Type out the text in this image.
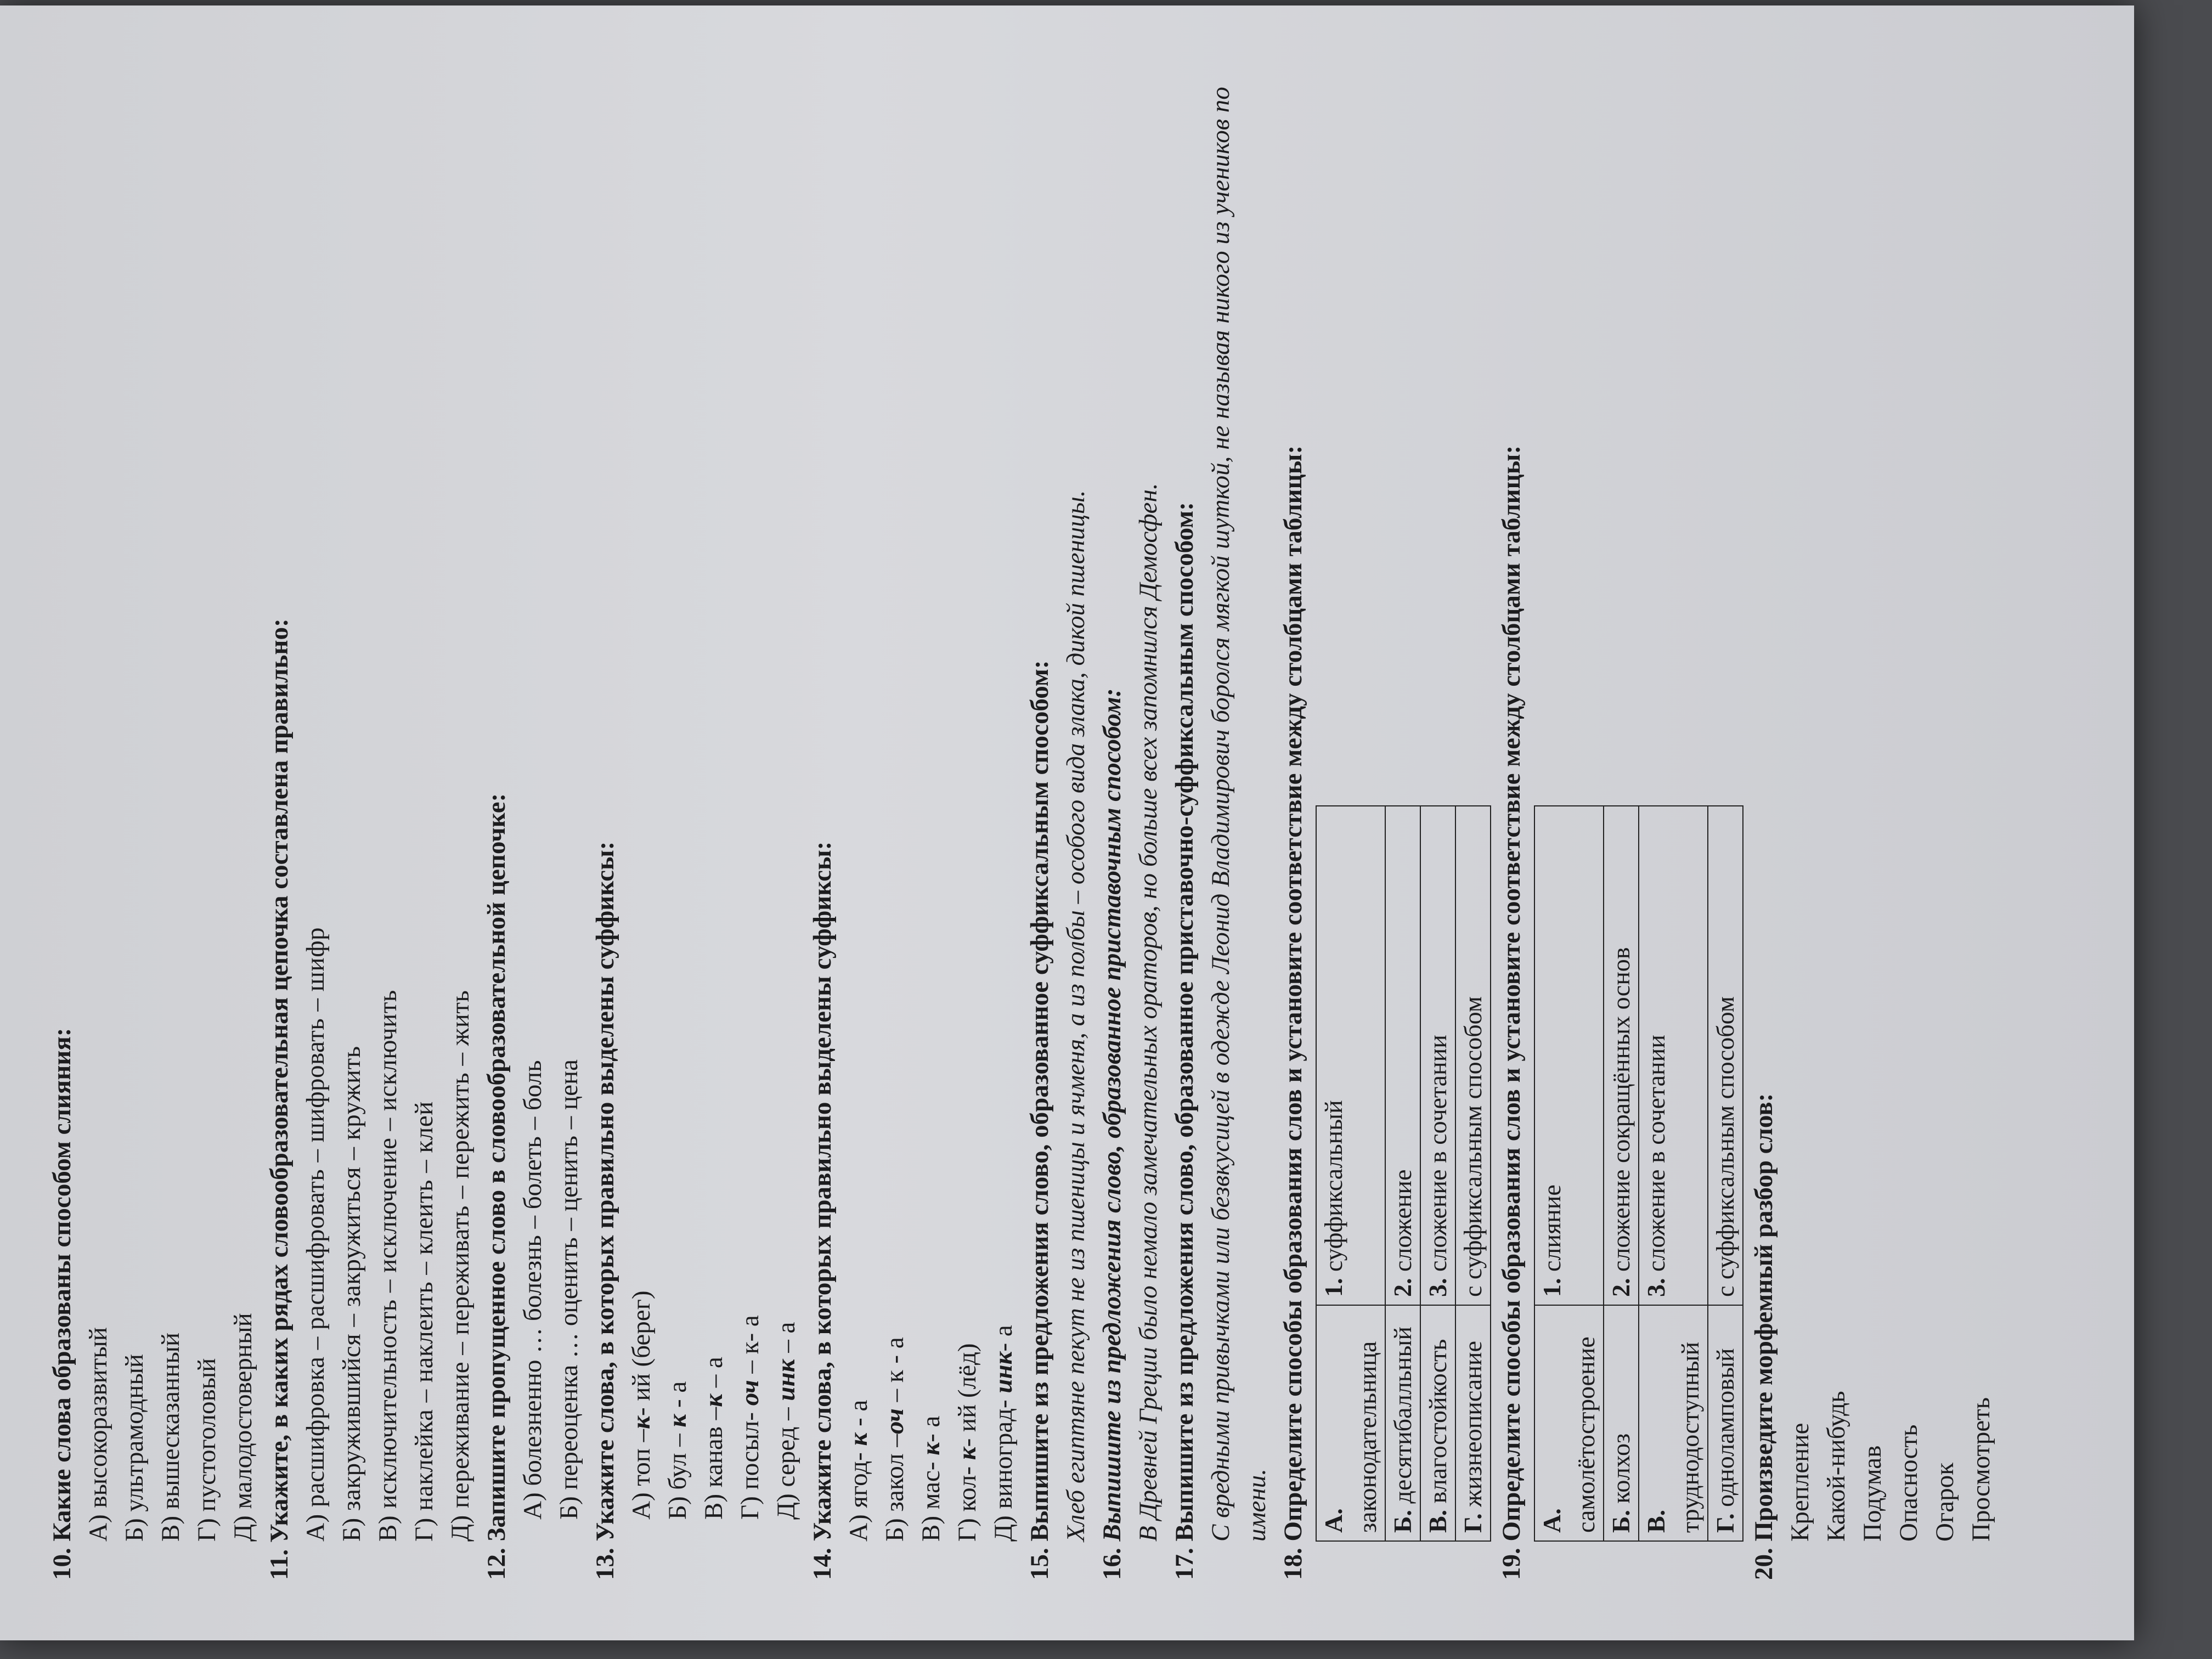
10. Какие слова образованы способом слияния: А) высокоразвитый Б) ультрамодный В) вышесказанный Г) пустоголовый Д) малодостоверный

11. Укажите, в каких рядах словообразовательная цепочка составлена правильно: А) расшифровка – расшифровать – шифровать – шифр Б) закружившийся – закружиться – кружить В) исключительность – исключение – исключить Г) наклейка – наклеить – клеить – клей Д) переживание – переживать – пережить – жить

12. Запишите пропущенное слово в словообразовательной цепочке: А) болезненно … болезнь – болеть – боль Б) переоценка … оценить – ценить – цена

13. Укажите слова, в которых правильно выделены суффиксы: А) топ –к- ий (берег)

Б) бул – к - а

В) канав –к – а

Г) посыл- оч – к- а

Д) серед – инк – а

14. Укажите слова, в которых правильно выделены суффиксы: А) ягод- к - а

Б) закол –оч – к - а

В) мас- к- а

Г) кол- к- ий (лёд) Д) виноград- инк- а

15. Выпишите из предложения слово, образованное суффиксальным способом: Хлеб египтяне пекут не из пшеницы и ячменя, а из полбы – особого вида злака, дикой пшеницы.

16. Выпишите из предложения слово, образованное приставочным способом: В Древней Греции было немало замечательных ораторов, но больше всех запомнился Демосфен.

17. Выпишите из предложения слово, образованное приставочно-суффиксальным способом: С вредными привычками или безвкусицей в одежде Леонид Владимирович боролся мягкой шуткой, не называя никого из учеников по имени.

18. Определите способы образования слов и установите соответствие между столбцами таблицы: А. законодательница	1. суффиксальный
Б. десятибалльный	2. сложение
В. влагостойкость	3. сложение в сочетании
Г. жизнеописание	с суффиксальным способом

19. Определите способы образования слов и установите соответствие между столбцами таблицы: А. самолётостроение	1. слияние
Б. колхоз	2. сложение сокращённых основ
В. труднодоступный	3. сложение в сочетании
Г. одноламповый	с суффиксальным способом

20. Произведите морфемный разбор слов: Крепление Какой-нибудь Подумав Опасность Огарок Просмотреть
